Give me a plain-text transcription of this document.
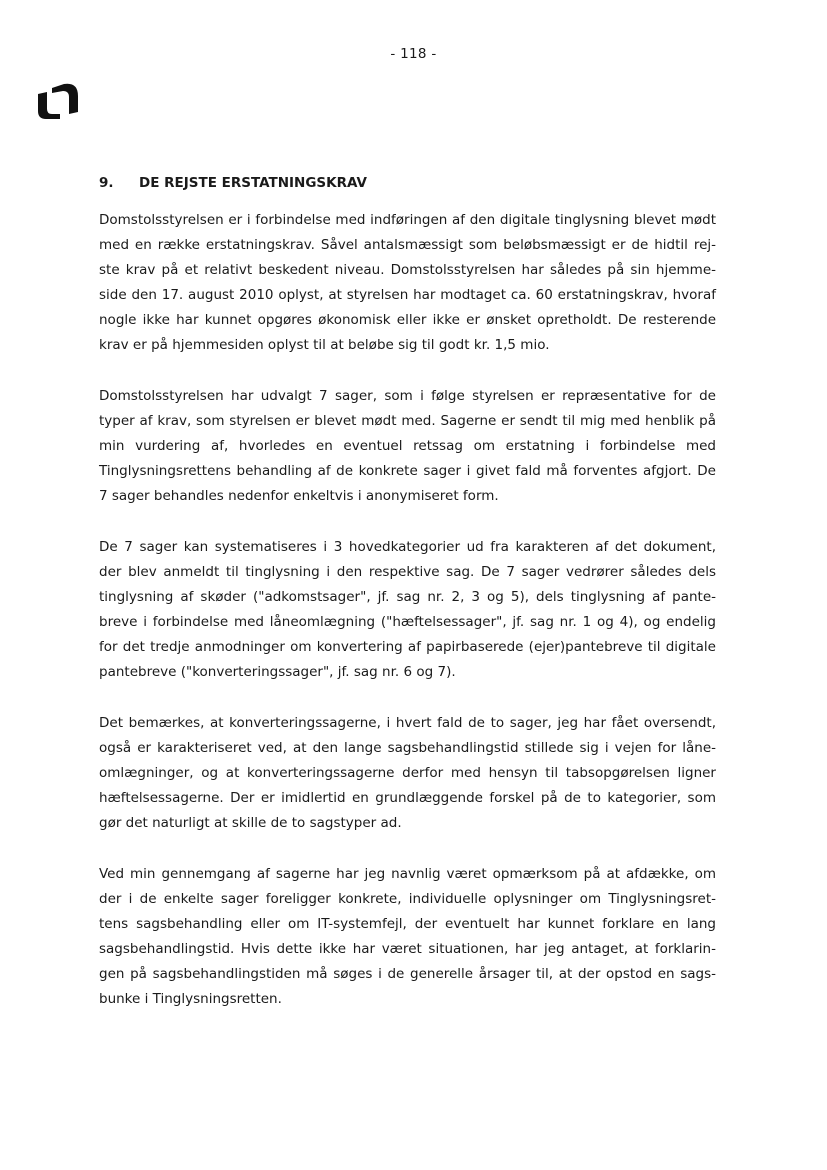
- 118 -
9. DE REJSTE ERSTATNINGSKRAV
Domstolsstyrelsen er i forbindelse med indføringen af den digitale tinglysning blevet mødt
med en række erstatningskrav. Såvel antalsmæssigt som beløbsmæssigt er de hidtil rej-
ste krav på et relativt beskedent niveau. Domstolsstyrelsen har således på sin hjemme-
side den 17. august 2010 oplyst, at styrelsen har modtaget ca. 60 erstatningskrav, hvoraf
nogle ikke har kunnet opgøres økonomisk eller ikke er ønsket opretholdt. De resterende
krav er på hjemmesiden oplyst til at beløbe sig til godt kr. 1,5 mio.
Domstolsstyrelsen har udvalgt 7 sager, som i følge styrelsen er repræsentative for de
typer af krav, som styrelsen er blevet mødt med. Sagerne er sendt til mig med henblik på
min vurdering af, hvorledes en eventuel retssag om erstatning i forbindelse med
Tinglysningsrettens behandling af de konkrete sager i givet fald må forventes afgjort. De
7 sager behandles nedenfor enkeltvis i anonymiseret form.
De 7 sager kan systematiseres i 3 hovedkategorier ud fra karakteren af det dokument,
der blev anmeldt til tinglysning i den respektive sag. De 7 sager vedrører således dels
tinglysning af skøder ("adkomstsager", jf. sag nr. 2, 3 og 5), dels tinglysning af pante-
breve i forbindelse med låneomlægning ("hæftelsessager", jf. sag nr. 1 og 4), og endelig
for det tredje anmodninger om konvertering af papirbaserede (ejer)pantebreve til digitale
pantebreve ("konverteringssager", jf. sag nr. 6 og 7).
Det bemærkes, at konverteringssagerne, i hvert fald de to sager, jeg har fået oversendt,
også er karakteriseret ved, at den lange sagsbehandlingstid stillede sig i vejen for låne-
omlægninger, og at konverteringssagerne derfor med hensyn til tabsopgørelsen ligner
hæftelsessagerne. Der er imidlertid en grundlæggende forskel på de to kategorier, som
gør det naturligt at skille de to sagstyper ad.
Ved min gennemgang af sagerne har jeg navnlig været opmærksom på at afdække, om
der i de enkelte sager foreligger konkrete, individuelle oplysninger om Tinglysningsret-
tens sagsbehandling eller om IT-systemfejl, der eventuelt har kunnet forklare en lang
sagsbehandlingstid. Hvis dette ikke har været situationen, har jeg antaget, at forklarin-
gen på sagsbehandlingstiden må søges i de generelle årsager til, at der opstod en sags-
bunke i Tinglysningsretten.
